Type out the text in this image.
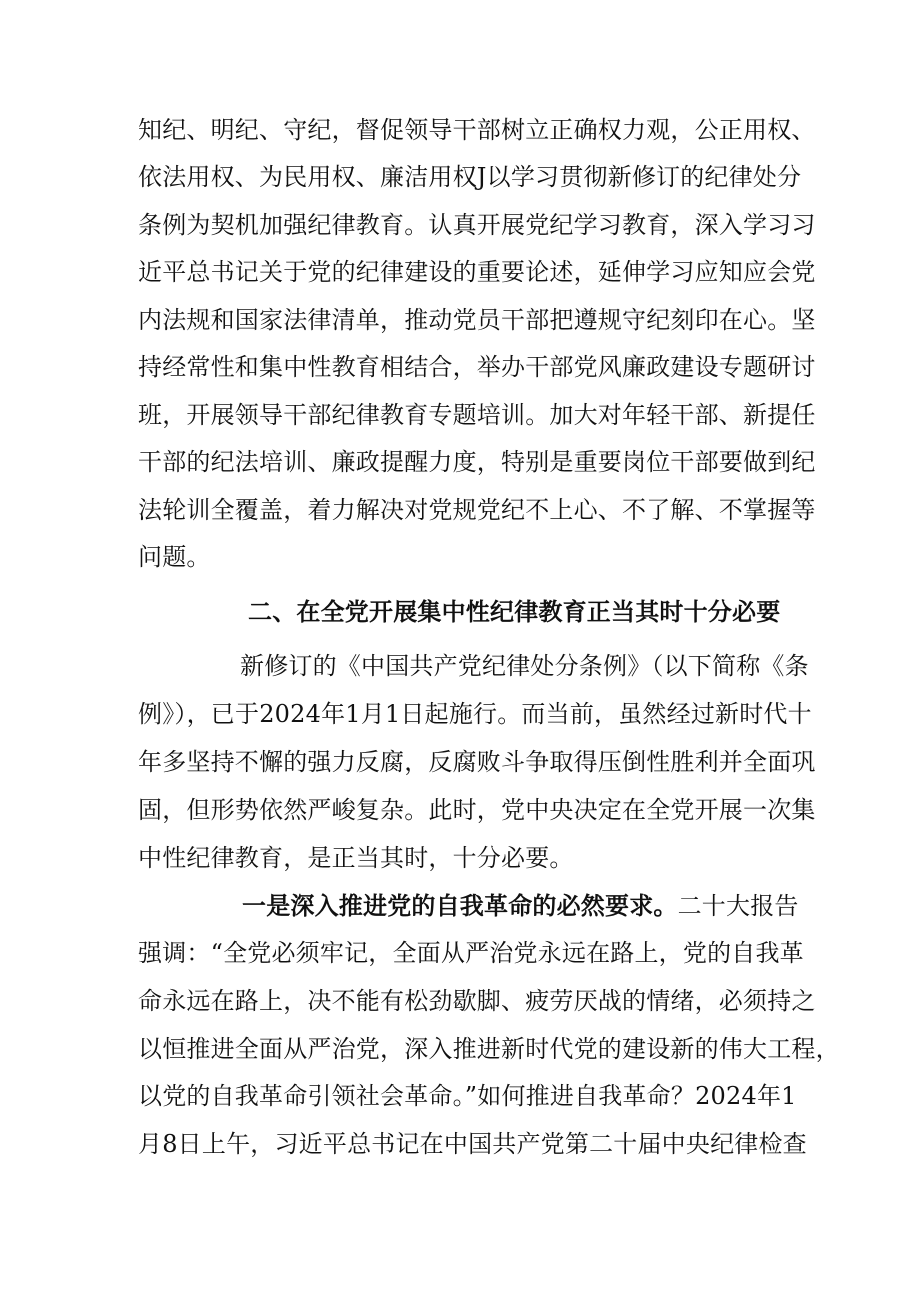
知纪、明纪、守纪，督促领导干部树立正确权力观，公正用权、
依法用权、为民用权、廉洁用权J以学习贯彻新修订的纪律处分
条例为契机加强纪律教育。认真开展党纪学习教育，深入学习习
近平总书记关于党的纪律建设的重要论述，延伸学习应知应会党
内法规和国家法律清单，推动党员干部把遵规守纪刻印在心。坚
持经常性和集中性教育相结合，举办干部党风廉政建设专题研讨
班，开展领导干部纪律教育专题培训。加大对年轻干部、新提任
干部的纪法培训、廉政提醒力度，特别是重要岗位干部要做到纪
法轮训全覆盖，着力解决对党规党纪不上心、不了解、不掌握等
问题。
二、在全党开展集中性纪律教育正当其时十分必要
新修订的《中国共产党纪律处分条例》（以下简称《条
例》），已于2024年1月1日起施行。而当前，虽然经过新时代十
年多坚持不懈的强力反腐，反腐败斗争取得压倒性胜利并全面巩
固，但形势依然严峻复杂。此时，党中央决定在全党开展一次集
中性纪律教育，是正当其时，十分必要。
一是深入推进党的自我革命的必然要求。二十大报告
强调：“全党必须牢记，全面从严治党永远在路上，党的自我革
命永远在路上，决不能有松劲歇脚、疲劳厌战的情绪，必须持之
以恒推进全面从严治党，深入推进新时代党的建设新的伟大工程，
以党的自我革命引领社会革命。”如何推进自我革命？2024年1
月8日上午，习近平总书记在中国共产党第二十届中央纪律检查
